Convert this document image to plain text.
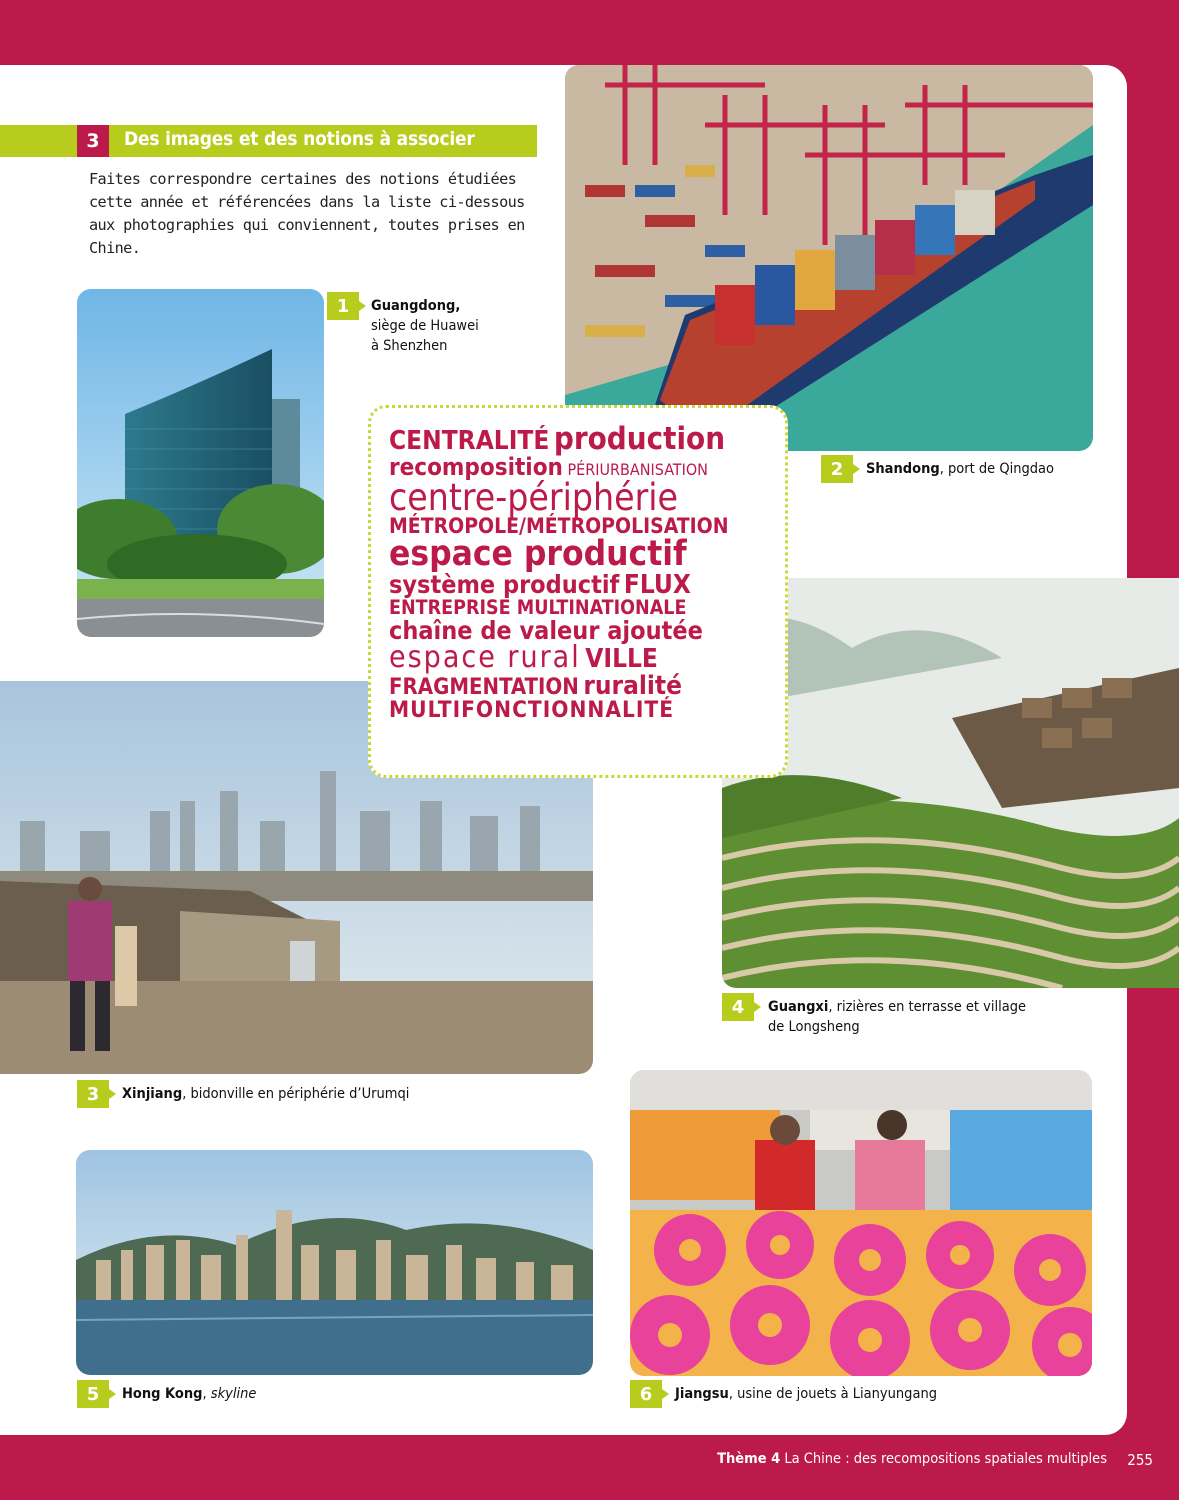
3	Des images et des notions à associer
Faites correspondre certaines des notions étudiées cette année et référencées dans la liste ci-dessous aux photographies qui conviennent, toutes prises en Chine.
1	Guangdong,
siège de Huawei
à Shenzhen
2	Shandong, port de Qingdao
3	Xinjiang, bidonville en périphérie d’Urumqi
4	Guangxi, rizières en terrasse et village
de Longsheng
5	Hong Kong, skyline	6	Jiangsu, usine de jouets à Lianyungang
CENTRALITÉ production
recomposition PÉRIURBANISATION
centre-périphérie
MÉTROPOLE/MÉTROPOLISATION
espace productif
système productif FLUX
ENTREPRISE MULTINATIONALE
chaîne de valeur ajoutée
espace rural VILLE
FRAGMENTATION ruralité
MULTIFONCTIONNALITÉ
Thème 4 La Chine : des recompositions spatiales multiples 255
